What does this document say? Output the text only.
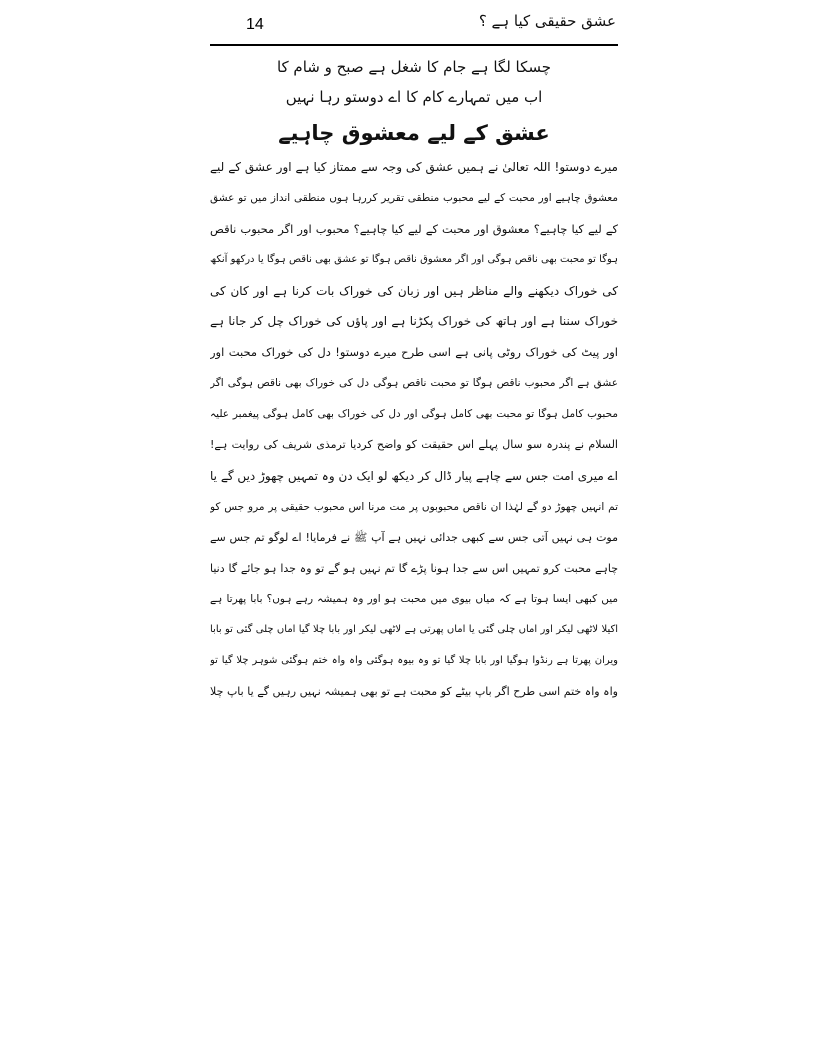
14	عشق حقیقی کیا ہے ؟
چسکا لگا ہے جام کا شغل ہے صبح و شام کا
اب میں تمہارے کام کا اے دوستو رہا نہیں
عشق کے لیے معشوق چاہیے
میرے دوستو! اللہ تعالیٰ نے ہمیں عشق کی وجہ سے ممتاز کیا ہے اور عشق کے لیے
معشوق چاہیے اور محبت کے لیے محبوب منطقی تقریر کررہا ہوں منطقی انداز میں تو عشق
کے لیے کیا چاہیے؟ معشوق اور محبت کے لیے کیا چاہیے؟ محبوب اور اگر محبوب ناقص
ہوگا تو محبت بھی ناقص ہوگی اور اگر معشوق ناقص ہوگا تو عشق بھی ناقص ہوگا یا درکھو آنکھ
کی خوراک دیکھنے والے مناظر ہیں اور زبان کی خوراک بات کرنا ہے اور کان کی
خوراک سننا ہے اور ہاتھ کی خوراک پکڑنا ہے اور پاؤں کی خوراک چل کر جانا ہے
اور پیٹ کی خوراک روٹی پانی ہے اسی طرح میرے دوستو! دل کی خوراک محبت اور
عشق ہے اگر محبوب ناقص ہوگا تو محبت ناقص ہوگی دل کی خوراک بھی ناقص ہوگی اگر
محبوب کامل ہوگا تو محبت بھی کامل ہوگی اور دل کی خوراک بھی کامل ہوگی پیغمبر علیہ
السلام نے پندرہ سو سال پہلے اس حقیقت کو واضح کردیا ترمذی شریف کی روایت ہے!
اے میری امت جس سے چاہے پیار ڈال کر دیکھ لو ایک دن وہ تمہیں چھوڑ دیں گے یا
تم انہیں چھوڑ دو گے لہٰذا ان ناقص محبوبوں پر مت مرنا اس محبوب حقیقی پر مرو جس کو
موت ہی نہیں آتی جس سے کبھی جدائی نہیں ہے آپ ﷺ نے فرمایا! اے لوگو تم جس سے
چاہے محبت کرو تمہیں اس سے جدا ہونا پڑے گا تم نہیں ہو گے تو وہ جدا ہو جائے گا دنیا
میں کبھی ایسا ہوتا ہے کہ میاں بیوی میں محبت ہو اور وہ ہمیشہ رہے ہوں؟ بابا پھرتا ہے
اکیلا لاٹھی لیکر اور اماں چلی گئی یا اماں پھرتی ہے لاٹھی لیکر اور بابا چلا گیا اماں چلی گئی تو بابا
ویران پھرتا ہے رنڈوا ہوگیا اور بابا چلا گیا تو وہ بیوہ ہوگئی واہ واہ ختم ہوگئی شوہر چلا گیا تو
واہ واہ ختم اسی طرح اگر باپ بیٹے کو محبت ہے تو بھی ہمیشہ نہیں رہیں گے یا باپ چلا
